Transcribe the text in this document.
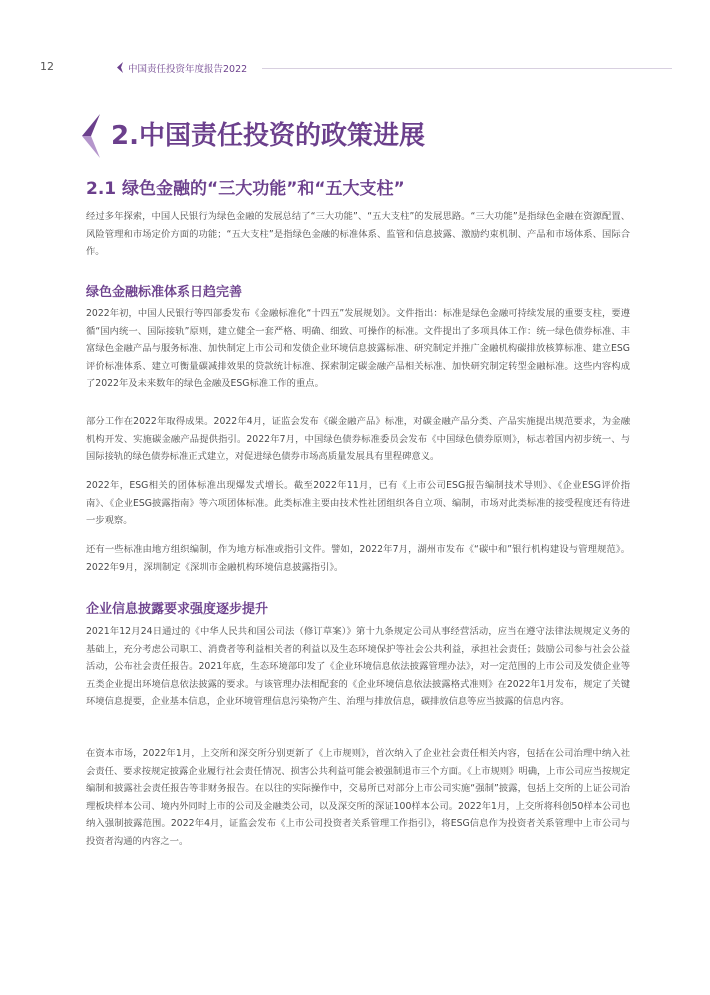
12	中国责任投资年度报告2022
2.中国责任投资的政策进展
2.1 绿色金融的“三大功能”和“五大支柱”

经过多年探索，中国人民银行为绿色金融的发展总结了“三大功能”、“五大支柱”的发展思路。“三大功能”是指绿色金融在资源配置、风险管理和市场定价方面的功能；“五大支柱”是指绿色金融的标准体系、监管和信息披露、激励约束机制、产品和市场体系、国际合作。

绿色金融标准体系日趋完善

2022年初，中国人民银行等四部委发布《金融标准化“十四五”发展规划》。文件指出：标准是绿色金融可持续发展的重要支柱，要遵循“国内统一、国际接轨”原则，建立健全一套严格、明确、细致、可操作的标准。文件提出了多项具体工作：统一绿色债券标准、丰富绿色金融产品与服务标准、加快制定上市公司和发债企业环境信息披露标准、研究制定并推广金融机构碳排放核算标准、建立ESG评价标准体系、建立可衡量碳减排效果的贷款统计标准、探索制定碳金融产品相关标准、加快研究制定转型金融标准。这些内容构成了2022年及未来数年的绿色金融及ESG标准工作的重点。

部分工作在2022年取得成果。2022年4月，证监会发布《碳金融产品》标准，对碳金融产品分类、产品实施提出规范要求，为金融机构开发、实施碳金融产品提供指引。2022年7月，中国绿色债券标准委员会发布《中国绿色债券原则》，标志着国内初步统一、与国际接轨的绿色债券标准正式建立，对促进绿色债券市场高质量发展具有里程碑意义。

2022年，ESG相关的团体标准出现爆发式增长。截至2022年11月，已有《上市公司ESG报告编制技术导则》、《企业ESG评价指南》、《企业ESG披露指南》等六项团体标准。此类标准主要由技术性社团组织各自立项、编制，市场对此类标准的接受程度还有待进一步观察。

还有一些标准由地方组织编制，作为地方标准或指引文件。譬如，2022年7月，湖州市发布《“碳中和”银行机构建设与管理规范》。2022年9月，深圳制定《深圳市金融机构环境信息披露指引》。

企业信息披露要求强度逐步提升

2021年12月24日通过的《中华人民共和国公司法（修订草案）》第十九条规定公司从事经营活动，应当在遵守法律法规规定义务的基础上，充分考虑公司职工、消费者等利益相关者的利益以及生态环境保护等社会公共利益，承担社会责任；鼓励公司参与社会公益活动，公布社会责任报告。2021年底，生态环境部印发了《企业环境信息依法披露管理办法》，对一定范围的上市公司及发债企业等五类企业提出环境信息依法披露的要求。与该管理办法相配套的《企业环境信息依法披露格式准则》在2022年1月发布，规定了关键环境信息提要，企业基本信息，企业环境管理信息污染物产生、治理与排放信息，碳排放信息等应当披露的信息内容。

在资本市场，2022年1月，上交所和深交所分别更新了《上市规则》，首次纳入了企业社会责任相关内容，包括在公司治理中纳入社会责任、要求按规定披露企业履行社会责任情况、损害公共利益可能会被强制退市三个方面。《上市规则》明确，上市公司应当按规定编制和披露社会责任报告等非财务报告。在以往的实际操作中，交易所已对部分上市公司实施“强制”披露，包括上交所的上证公司治理板块样本公司、境内外同时上市的公司及金融类公司，以及深交所的深证100样本公司。2022年1月，上交所将科创50样本公司也纳入强制披露范围。2022年4月，证监会发布《上市公司投资者关系管理工作指引》，将ESG信息作为投资者关系管理中上市公司与投资者沟通的内容之一。
